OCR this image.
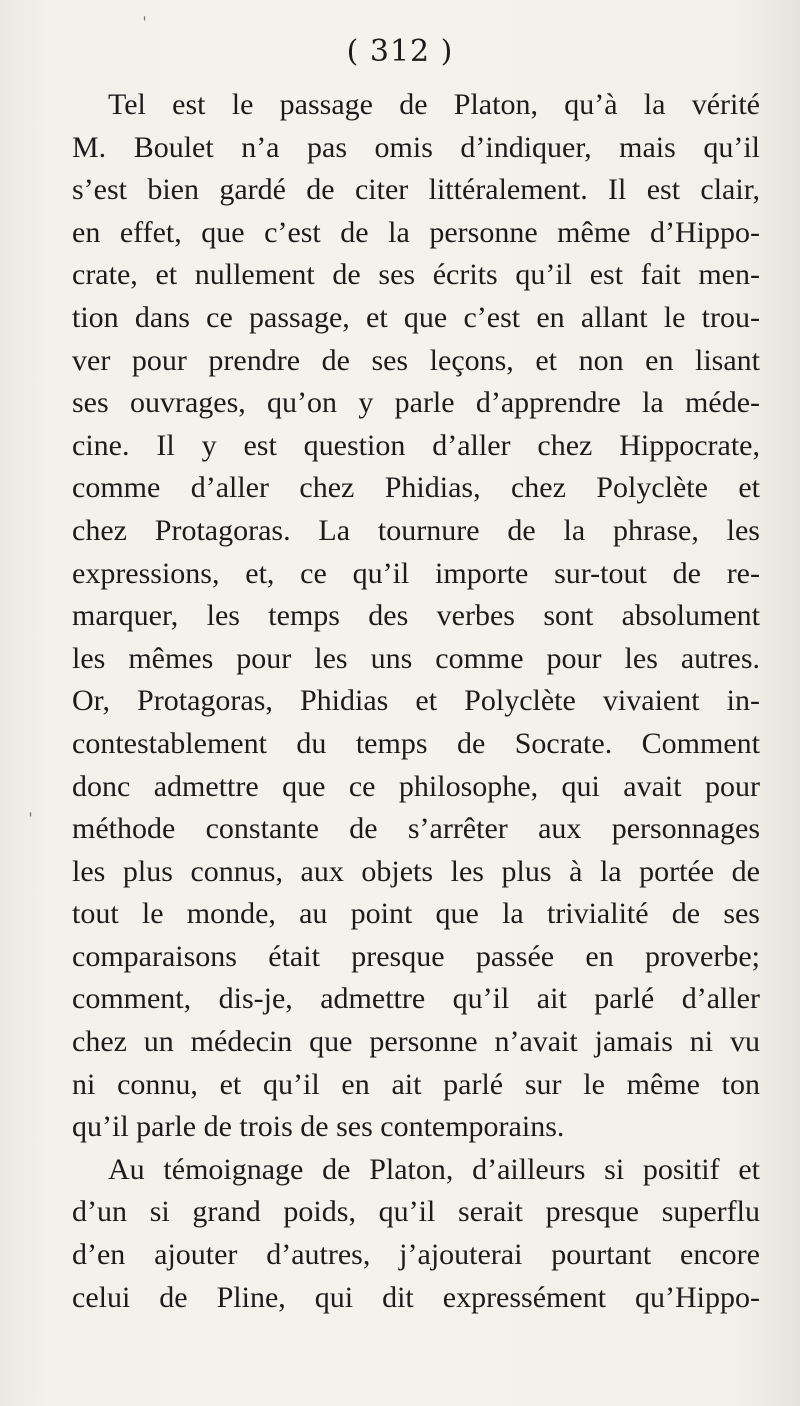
ˈ
ˈ
( 312 )
Tel est le passage de Platon, qu’à la vérité
M. Boulet n’a pas omis d’indiquer, mais qu’il
s’est bien gardé de citer littéralement. Il est clair,
en effet, que c’est de la personne même d’Hippo-
crate, et nullement de ses écrits qu’il est fait men-
tion dans ce passage, et que c’est en allant le trou-
ver pour prendre de ses leçons, et non en lisant
ses ouvrages, qu’on y parle d’apprendre la méde-
cine. Il y est question d’aller chez Hippocrate,
comme d’aller chez Phidias, chez Polyclète et
chez Protagoras. La tournure de la phrase, les
expressions, et, ce qu’il importe sur-tout de re-
marquer, les temps des verbes sont absolument
les mêmes pour les uns comme pour les autres.
Or, Protagoras, Phidias et Polyclète vivaient in-
contestablement du temps de Socrate. Comment
donc admettre que ce philosophe, qui avait pour
méthode constante de s’arrêter aux personnages
les plus connus, aux objets les plus à la portée de
tout le monde, au point que la trivialité de ses
comparaisons était presque passée en proverbe;
comment, dis-je, admettre qu’il ait parlé d’aller
chez un médecin que personne n’avait jamais ni vu
ni connu, et qu’il en ait parlé sur le même ton
qu’il parle de trois de ses contemporains.
Au témoignage de Platon, d’ailleurs si positif et
d’un si grand poids, qu’il serait presque superflu
d’en ajouter d’autres, j’ajouterai pourtant encore
celui de Pline, qui dit expressément qu’Hippo-
